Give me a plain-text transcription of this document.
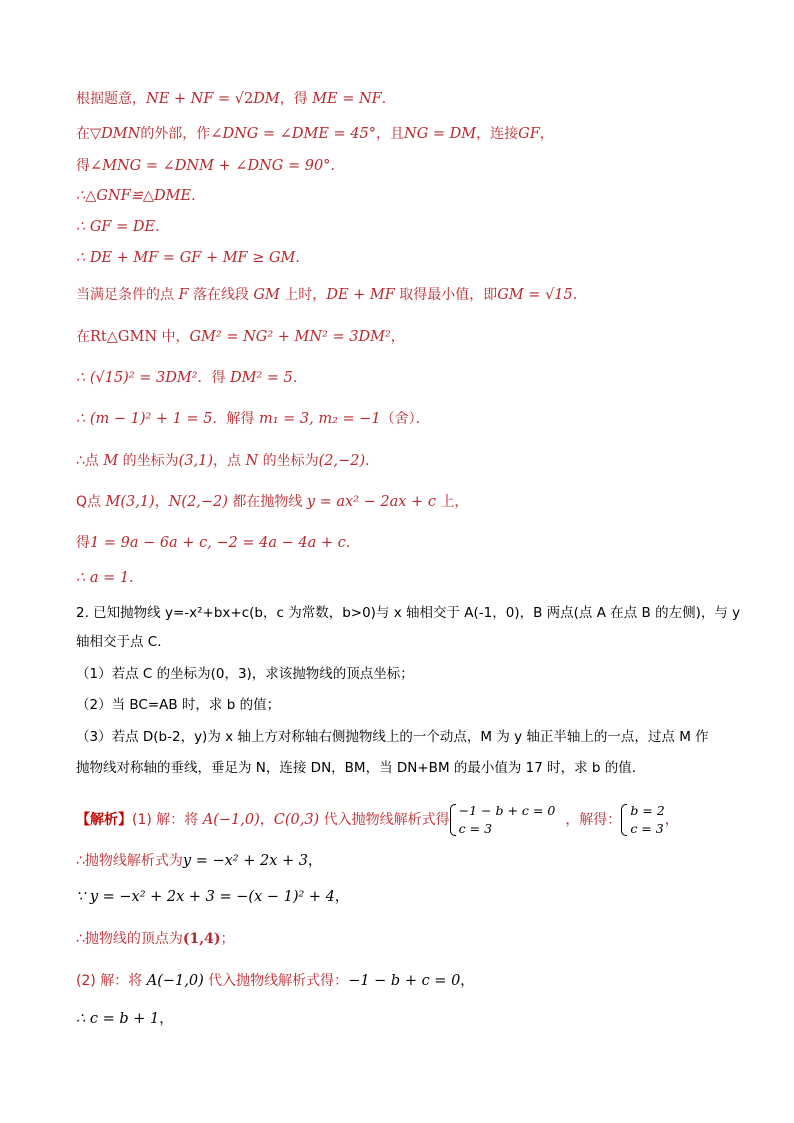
根据题意，NE + NF = √2DM，得 ME = NF．
在▽DMN的外部，作∠DNG = ∠DME = 45°，且NG = DM，连接GF，
得∠MNG = ∠DNM + ∠DNG = 90°．
∴△GNF≌△DME．
∴ GF = DE．
∴ DE + MF = GF + MF ≥ GM．
当满足条件的点 F 落在线段 GM 上时，DE + MF 取得最小值，即GM = √15．
在Rt△GMN 中，GM² = NG² + MN² = 3DM²，
∴ (√15)² = 3DM²．得 DM² = 5．
∴ (m − 1)² + 1 = 5．解得 m₁ = 3, m₂ = −1（舍）．
∴点 M 的坐标为(3,1)，点 N 的坐标为(2,−2)．
Q点 M(3,1)，N(2,−2) 都在抛物线 y = ax² − 2ax + c 上，
得1 = 9a − 6a + c, −2 = 4a − 4a + c．
∴ a = 1．
2. 已知抛物线 y=-x²+bx+c(b，c 为常数，b>0)与 x 轴相交于 A(-1，0)，B 两点(点 A 在点 B 的左侧)，与 y
轴相交于点 C．
（1）若点 C 的坐标为(0，3)，求该抛物线的顶点坐标；
（2）当 BC=AB 时，求 b 的值；
（3）若点 D(b-2，y)为 x 轴上方对称轴右侧抛物线上的一个动点，M 为 y 轴正半轴上的一点，过点 M 作
抛物线对称轴的垂线，垂足为 N，连接 DN，BM，当 DN+BM 的最小值为 17 时，求 b 的值．
【解析】(1) 解：将 A(−1,0)，C(0,3) 代入抛物线解析式得
−1 − b + c = 0
c = 3
，解得：
b = 2
c = 3
，
∴抛物线解析式为y = −x² + 2x + 3，
∵ y = −x² + 2x + 3 = −(x − 1)² + 4，
∴抛物线的顶点为(1,4)；
(2) 解：将 A(−1,0) 代入抛物线解析式得：−1 − b + c = 0，
∴ c = b + 1，
